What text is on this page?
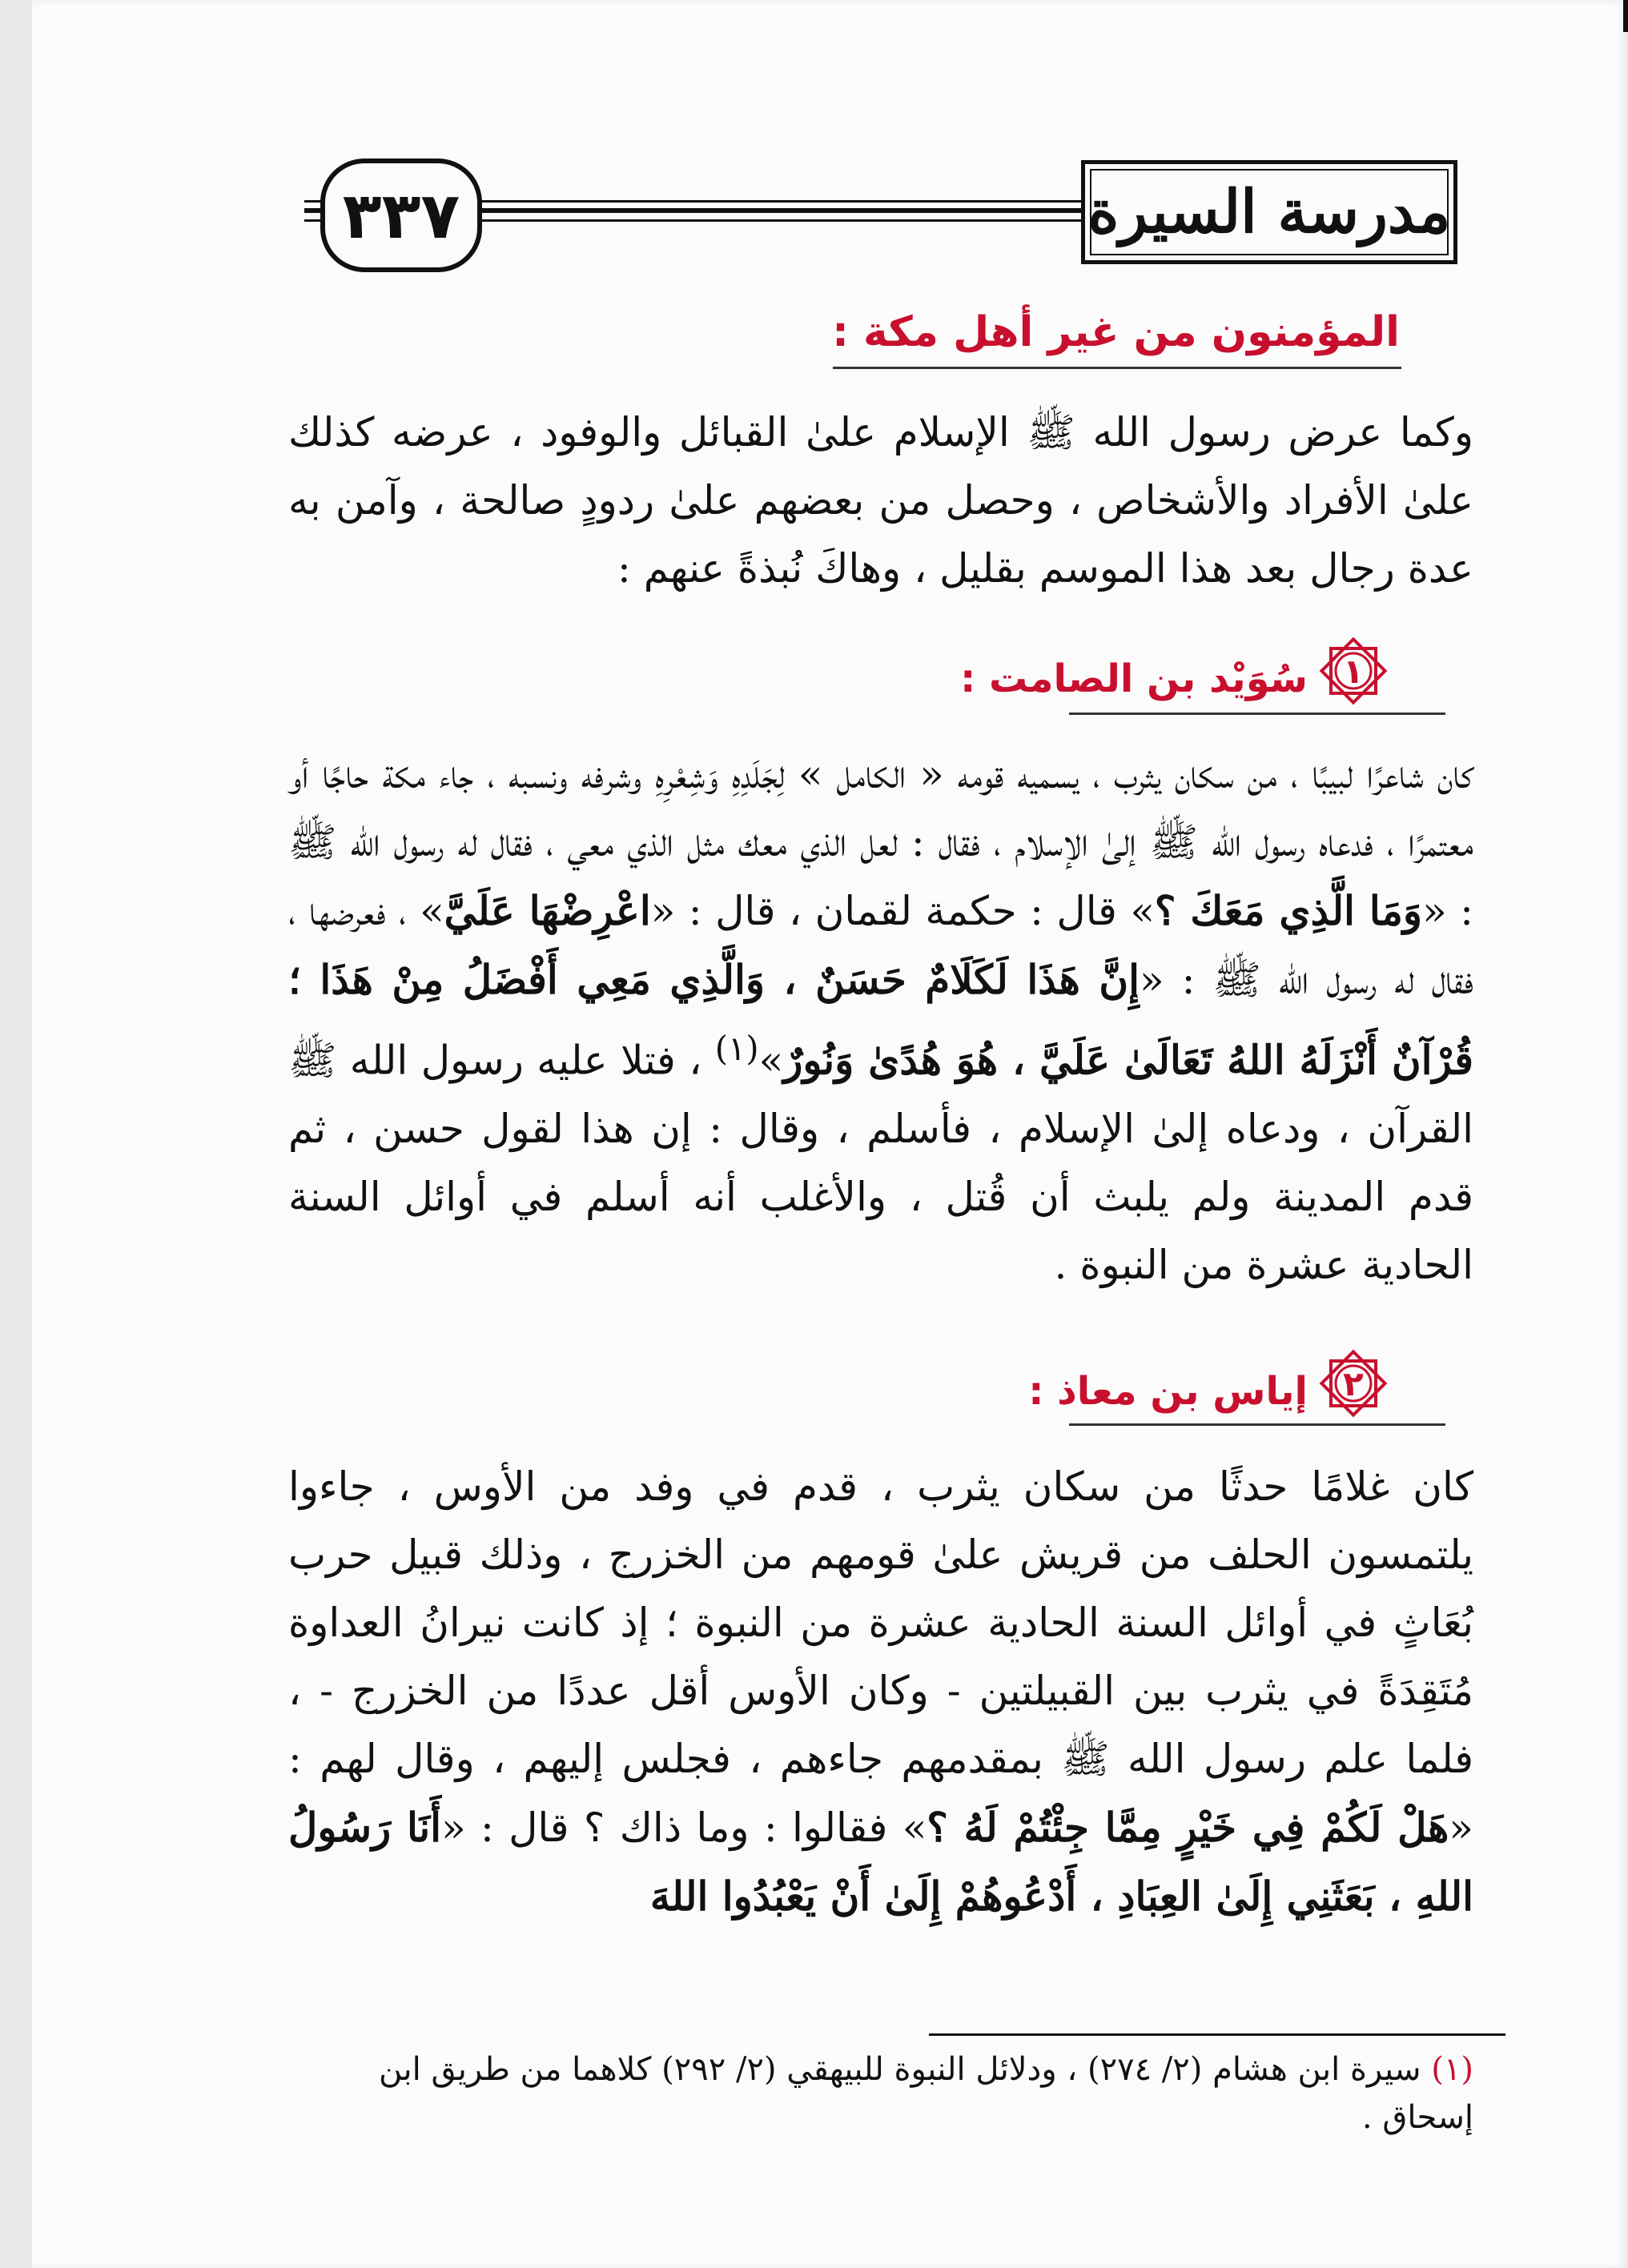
٣٣٧	مدرسة السيرة
المؤمنون من غير أهل مكة :
وكما عرض رسول الله ﷺ الإسلام علىٰ القبائل والوفود ، عرضه كذلك علىٰ الأفراد والأشخاص ، وحصل من بعضهم علىٰ ردودٍ صالحة ، وآمن به عدة رجال بعد هذا الموسم بقليل ، وهاكَ نُبذةً عنهم :
١
سُوَيْد بن الصامت :
كان شاعرًا لبيبًا ، من سكان يثرب ، يسميه قومه « الكامل » لِجَلَدِهِ وَشِعْرِهِ وشرفه ونسبه ، جاء مكة حاجًا أو معتمرًا ، فدعاه رسول الله ﷺ إلىٰ الإسلام ، فقال : لعل الذي معك مثل الذي معي ، فقال له رسول الله ﷺ : «وَمَا الَّذِي مَعَكَ ؟» قال : حكمة لقمان ، قال : «اعْرِضْهَا عَلَيَّ» ، فعرضها ، فقال له رسول الله ﷺ : «إِنَّ هَذَا لَكَلَامٌ حَسَنٌ ، وَالَّذِي مَعِي أَفْضَلُ مِنْ هَذَا ؛ قُرْآنٌ أَنْزَلَهُ اللهُ تَعَالَىٰ عَلَيَّ ، هُوَ هُدًىٰ وَنُورٌ»$^{(١)}$ ، فتلا عليه رسول الله ﷺ القرآن ، ودعاه إلىٰ الإسلام ، فأسلم ، وقال : إن هذا لقول حسن ، ثم قدم المدينة ولم يلبث أن قُتل ، والأغلب أنه أسلم في أوائل السنة الحادية عشرة من النبوة .
٢
إياس بن معاذ :
كان غلامًا حدثًا من سكان يثرب ، قدم في وفد من الأوس ، جاءوا يلتمسون الحلف من قريش علىٰ قومهم من الخزرج ، وذلك قبيل حرب بُعَاثٍ في أوائل السنة الحادية عشرة من النبوة ؛ إذ كانت نيرانُ العداوة مُتَقِدَةً في يثرب بين القبيلتين - وكان الأوس أقل عددًا من الخزرج - ، فلما علم رسول الله ﷺ بمقدمهم جاءهم ، فجلس إليهم ، وقال لهم : «هَلْ لَكُمْ فِي خَيْرٍ مِمَّا جِئْتُمْ لَهُ ؟» فقالوا : وما ذاك ؟ قال : «أَنَا رَسُولُ اللهِ ، بَعَثَنِي إِلَىٰ العِبَادِ ، أَدْعُوهُمْ إِلَىٰ أَنْ يَعْبُدُوا اللهَ
(١) سيرة ابن هشام (٢/ ٢٧٤) ، ودلائل النبوة للبيهقي (٢/ ٢٩٢) كلاهما من طريق ابن إسحاق .
